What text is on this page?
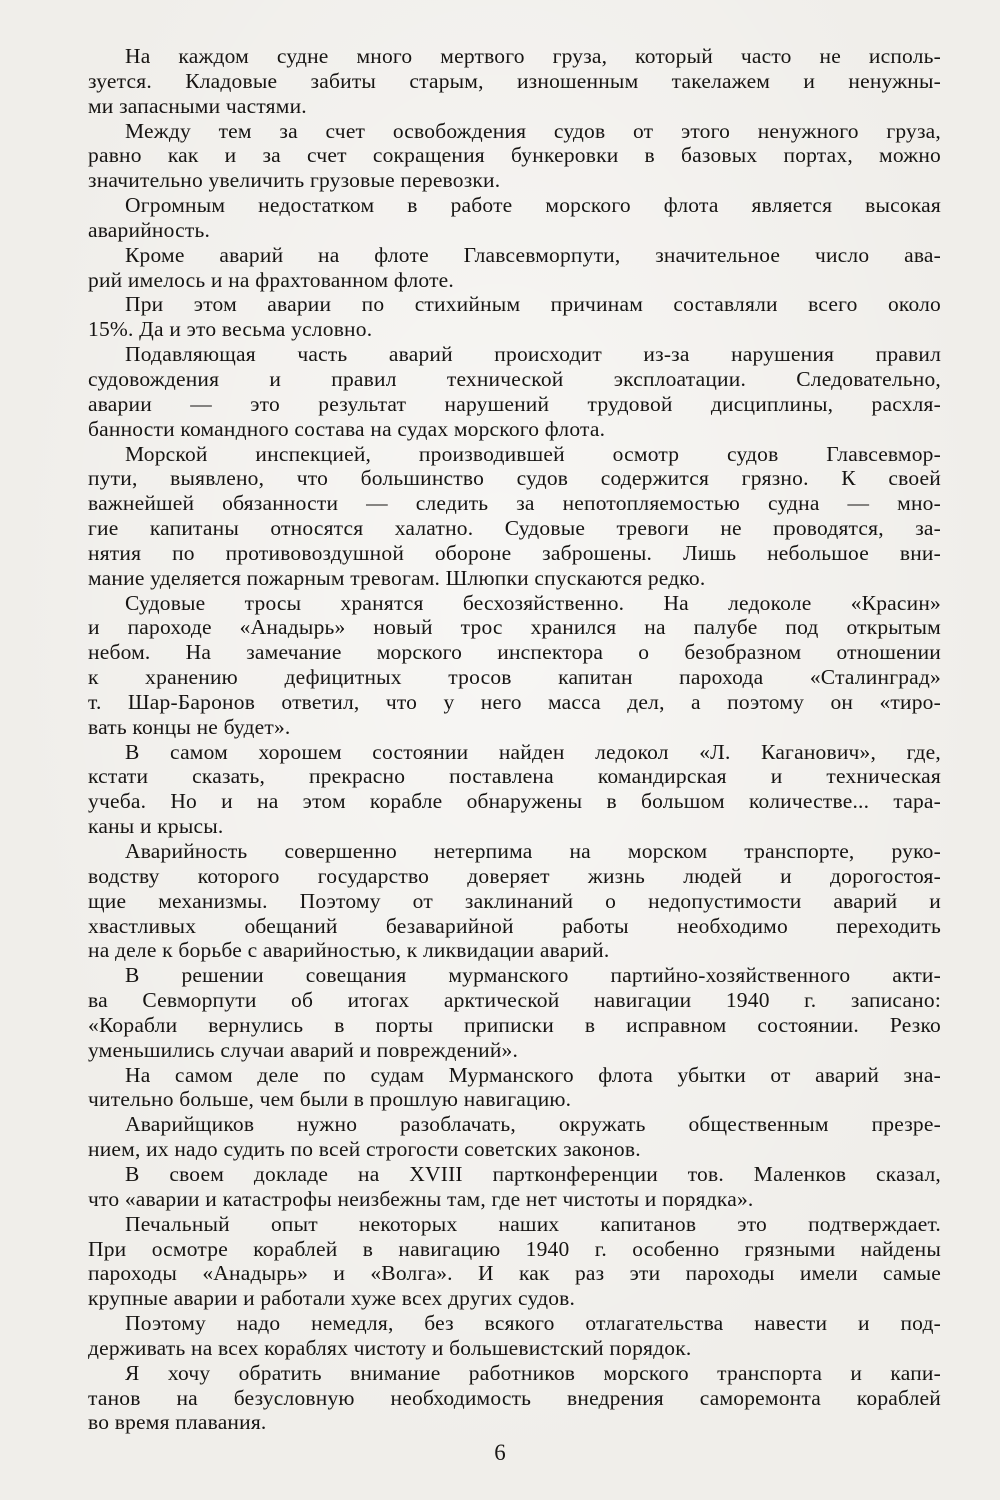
На каждом судне много мертвого груза, который часто не исполь-
зуется. Кладовые забиты старым, изношенным такелажем и ненужны-
ми запасными частями.
Между тем за счет освобождения судов от этого ненужного груза,
равно как и за счет сокращения бункеровки в базовых портах, можно
значительно увеличить грузовые перевозки.
Огромным недостатком в работе морского флота является высокая
аварийность.
Кроме аварий на флоте Главсевморпути, значительное число ава-
рий имелось и на фрахтованном флоте.
При этом аварии по стихийным причинам составляли всего около
15%. Да и это весьма условно.
Подавляющая часть аварий происходит из-за нарушения правил
судовождения и правил технической эксплоатации. Следовательно,
аварии — это результат нарушений трудовой дисциплины, расхля-
банности командного состава на судах морского флота.
Морской инспекцией, производившей осмотр судов Главсевмор-
пути, выявлено, что большинство судов содержится грязно. К своей
важнейшей обязанности — следить за непотопляемостью судна — мно-
гие капитаны относятся халатно. Судовые тревоги не проводятся, за-
нятия по противовоздушной обороне заброшены. Лишь небольшое вни-
мание уделяется пожарным тревогам. Шлюпки спускаются редко.
Судовые тросы хранятся бесхозяйственно. На ледоколе «Красин»
и пароходе «Анадырь» новый трос хранился на палубе под открытым
небом. На замечание морского инспектора о безобразном отношении
к хранению дефицитных тросов капитан парохода «Сталинград»
т. Шар-Баронов ответил, что у него масса дел, а поэтому он «тиро-
вать концы не будет».
В самом хорошем состоянии найден ледокол «Л. Каганович», где,
кстати сказать, прекрасно поставлена командирская и техническая
учеба. Но и на этом корабле обнаружены в большом количестве... тара-
каны и крысы.
Аварийность совершенно нетерпима на морском транспорте, руко-
водству которого государство доверяет жизнь людей и дорогостоя-
щие механизмы. Поэтому от заклинаний о недопустимости аварий и
хвастливых обещаний безаварийной работы необходимо переходить
на деле к борьбе с аварийностью, к ликвидации аварий.
В решении совещания мурманского партийно-хозяйственного акти-
ва Севморпути об итогах арктической навигации 1940 г. записано:
«Корабли вернулись в порты приписки в исправном состоянии. Резко
уменьшились случаи аварий и повреждений».
На самом деле по судам Мурманского флота убытки от аварий зна-
чительно больше, чем были в прошлую навигацию.
Аварийщиков нужно разоблачать, окружать общественным презре-
нием, их надо судить по всей строгости советских законов.
В своем докладе на XVIII партконференции тов. Маленков сказал,
что «аварии и катастрофы неизбежны там, где нет чистоты и порядка».
Печальный опыт некоторых наших капитанов это подтверждает.
При осмотре кораблей в навигацию 1940 г. особенно грязными найдены
пароходы «Анадырь» и «Волга». И как раз эти пароходы имели самые
крупные аварии и работали хуже всех других судов.
Поэтому надо немедля, без всякого отлагательства навести и под-
держивать на всех кораблях чистоту и большевистский порядок.
Я хочу обратить внимание работников морского транспорта и капи-
танов на безусловную необходимость внедрения саморемонта кораблей
во время плавания.
6
